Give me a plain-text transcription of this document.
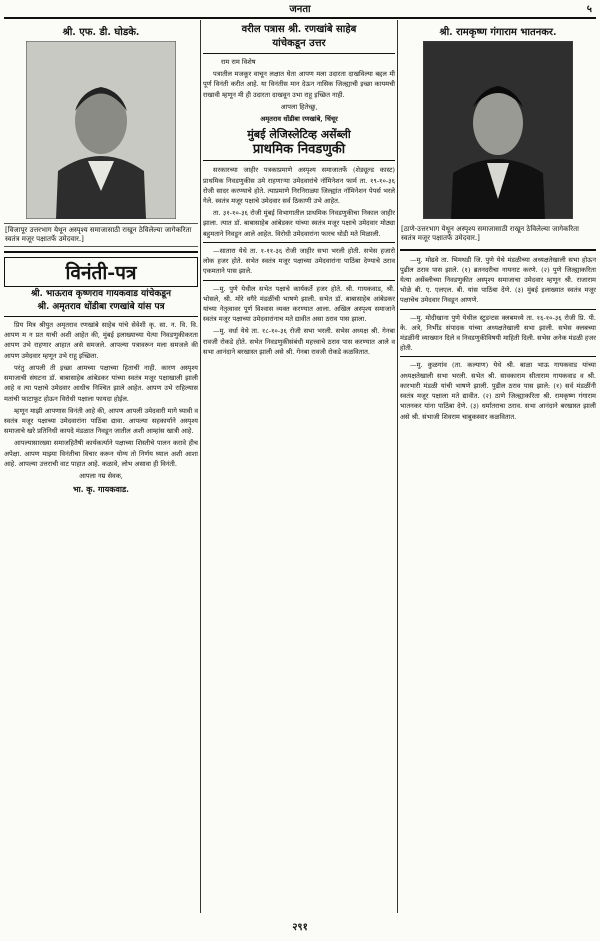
जनता	५
श्री. एफ. डी. घोडके.
[विजापूर उत्तरभाग येथून अस्पृश्य समाजासाठी राखून ठेविलेल्या जागेकरिता स्वतंत्र मजूर पक्षातर्फे उमेदवार.]
विनंती-पत्र
श्री. भाऊराव कृष्णराव गायकवाड यांचेकडून
श्री. अमृतराव धोंडीबा रणखांबे यांस पत्र

प्रिय मित्र श्रीयुत अमृतराव रणखांबे साहेब यांचे सेवेशी कृ. सा. न. वि. वि. आपण म न प्रत याची अशी आहेत की, मुंबई इलाख्याच्या येत्या निवडणुकीकरता आपण उभे राहणार आहात असे समजले. आपल्या पत्रावरून मला समजले की आपण उमेदवार म्हणून उभे राहू इच्छिता.

परंतु आपली ती इच्छा आमच्या पक्षाच्या हिताची नाही. कारण अस्पृश्य समाजाची संघटना डॉ. बाबासाहेब आंबेडकर यांच्या स्वतंत्र मजूर पक्षाखाली झाली आहे व त्या पक्षाचे उमेदवार आधीच निश्चित झाले आहेत. आपण उभे राहिल्यास मतांची फाटाफूट होऊन विरोधी पक्षाला फायदा होईल.

म्हणून माझी आपणास विनंती आहे की, आपण आपली उमेदवारी मागे घ्यावी व स्वतंत्र मजूर पक्षाच्या उमेदवारांना पाठिंबा द्यावा. आपल्या सहकार्याने अस्पृश्य समाजाचे खरे प्रतिनिधी कायदे मंडळात निवडून जातील अशी आम्हांस खात्री आहे.

आपल्यासारख्या समाजहितैषी कार्यकर्त्याने पक्षाच्या शिस्तीचे पालन करावे हीच अपेक्षा. आपण माझ्या विनंतीचा विचार करून योग्य तो निर्णय घ्याल अशी आशा आहे. आपल्या उत्तराची वाट पाहात आहे. कळावे, लोभ असावा ही विनंती.

आपला नम्र सेवक,
भा. कृ. गायकवाड.
वरील पत्रास श्री. रणखांबे साहेब
यांचेकडून उत्तर
राम राम विशेष

पत्रातील मजकूर वाचून लक्षात घेता आपण मला उदारता दाखविल्या बद्दल मी पूर्ण विनंती करीत आहे. या विनंतीस मान देऊन नासिक जिल्ह्याची इच्छा कायमची राखावी म्हणून मी ही उदारता दाखवून उभा राहू इच्छित नाही.

आपला हितेच्छु,
अमृतराव धोंडीबा रणखांबे, चिंचूर
मुंबई लेजिस्लेटिव्ह असेंब्ली
प्राथमिक निवडणुकी

सरकारच्या जाहीर पत्रकाप्रमाणे अस्पृश्य समाजातर्फे (शेड्यूल्ड कास्ट) प्राथमिक निवडणुकीस उमे राहणाऱ्या उमेदवारांचे नॉमिनेशन फार्म ता. १९-१०-३६ रोजी सादर करण्याचे होते. त्याप्रमाणे निरनिराळ्या जिल्ह्यांत नॉमिनेशन पेपर्स भरले गेले. स्वतंत्र मजूर पक्षाचे उमेदवार सर्व ठिकाणी उभे आहेत.

ता. ३१-१०-३६ रोजी मुंबई विभागातील प्राथमिक निवडणुकीचा निकाल जाहीर झाला. त्यात डॉ. बाबासाहेब आंबेडकर यांच्या स्वतंत्र मजूर पक्षाचे उमेदवार मोठ्या बहुमताने निवडून आले आहेत. विरोधी उमेदवारांना फारच थोडी मते मिळाली.

—सातारा येथे ता. १-११-३६ रोजी जाहीर सभा भरली होती. सभेस हजारो लोक हजर होते. सभेत स्वतंत्र मजूर पक्षाच्या उमेदवारांना पाठिंबा देण्याचे ठराव एकमताने पास झाले.

—मु. पुणे येथील सभेत पक्षाचे कार्यकर्ते हजर होते. श्री. गायकवाड, श्री. भोसले, श्री. मोरे वगैरे मंडळींची भाषणे झाली. सभेत डॉ. बाबासाहेब आंबेडकर यांच्या नेतृत्वावर पूर्ण विश्वास व्यक्त करण्यात आला. अखिल अस्पृश्य समाजाने स्वतंत्र मजूर पक्षाच्या उमेदवारांनाच मते द्यावीत असा ठराव पास झाला.

—मु. वर्धा येथे ता. १८-१०-३६ रोजी सभा भरली. सभेस अध्यक्ष श्री. गेनबा रावजी रोकडे होते. सभेत निवडणुकीसंबंधी महत्त्वाचे ठराव पास करण्यात आले व सभा आनंदाने बरखास्त झाली असे श्री. गेनबा रावजी रोकडे कळवितात.

श्री. रामकृष्ण गंगाराम भातनकर.
[ठाणे-उत्तरभाग येथून अस्पृश्य समाजासाठी राखून ठेविलेल्या जागेकरिता स्वतंत्र मजूर पक्षातर्फे उमेदवार.]

—मु. मोढवे ता. भिमथडी जि. पुणे येथे मंडळीच्या अध्यक्षतेखाली सभा होऊन पुढील ठराव पास झाले. (१) ब्रतनदरीचा नायनाट करणे. (२) पुणे जिल्ह्याकरिता येत्या असेंब्लीच्या निवडणुकीत अस्पृश्य समाजाचा उमेदवार म्हणून श्री. राजाराम भोळे बी. ए. एलएल. बी. यांस पाठिंबा देणे. (३) मुंबई इलाख्यात स्वतंत्र मजूर पक्षाचेच उमेदवार निवडून आणणे.

—मु. मोदीखाना पुणे येथील स्टुडन्टस क्लबमध्ये ता. १६-१०-३६ रोजी प्रि. पी. के. अत्रे, निर्भीड संपादक यांच्या अध्यक्षतेखाली सभा झाली. सभेस क्लबच्या मंडळींनी व्याख्यान दिले व निवडणुकीविषयी माहिती दिली. सभेस अनेक मंडळी हजर होती.

—मु. कुळगांव (ता. कल्याण) येथे श्री. बाळा भाऊ गायकवाड यांच्या अध्यक्षतेखाली सभा भरली. सभेत श्री. सावकाराम सीताराम गायकवाड व श्री. कारभारी मंडळी यांची भाषणे झाली. पुढील ठराव पास झाले: (१) सर्व मंडळींनी स्वतंत्र मजूर पक्षाला मते द्यावीत. (२) ठाणे जिल्ह्याकरिता श्री. रामकृष्ण गंगाराम भातनकर यांना पाठिंबा देणे. (३) धर्मांतराचा ठराव. सभा आनंदाने बरखास्त झाली असे श्री. संभाजी शिवराम चाबुकस्वार कळवितात.

२९१
